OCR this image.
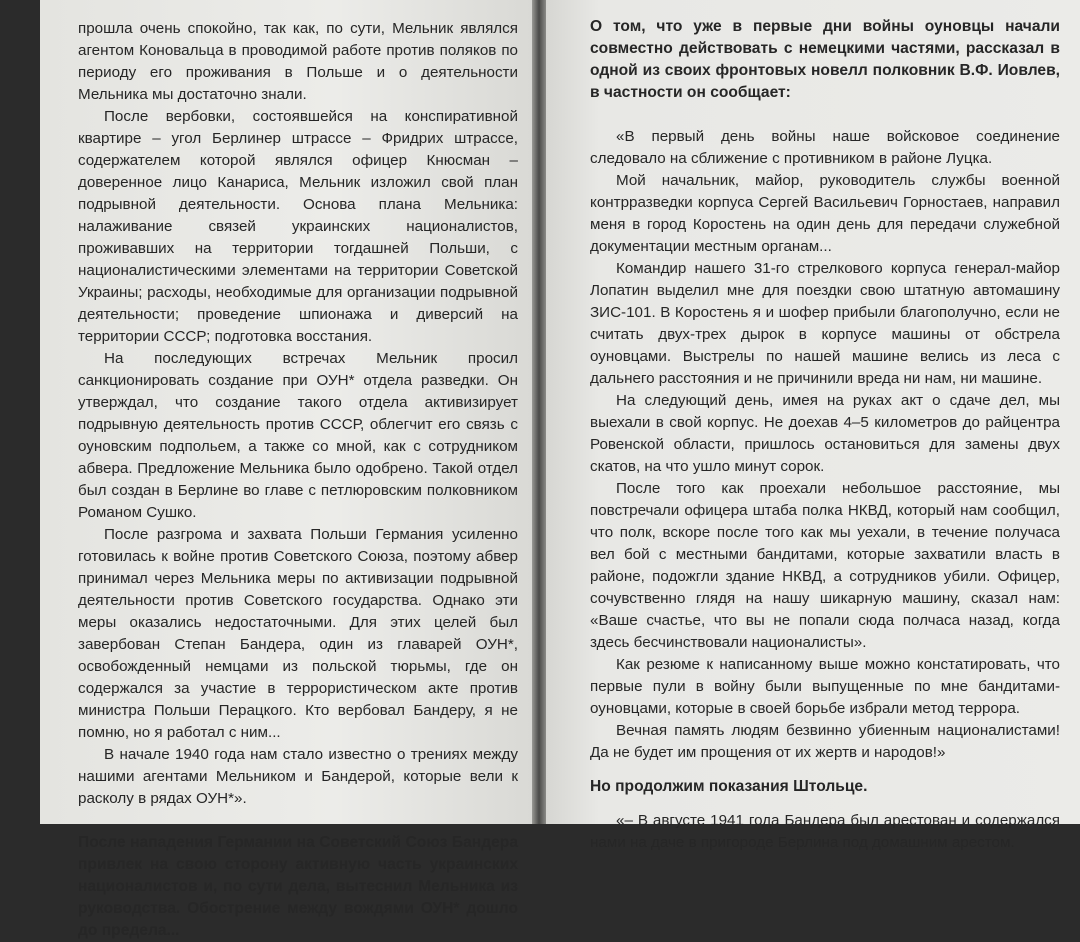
прошла очень спокойно, так как, по сути, Мельник являлся агентом Коновальца в проводимой работе против поляков по периоду его проживания в Польше и о деятельности Мельника мы достаточно знали.

После вербовки, состоявшейся на конспиративной квартире – угол Берлинер штрассе – Фридрих штрассе, содержателем которой являлся офицер Кнюсман – доверенное лицо Канариса, Мельник изложил свой план подрывной деятельности. Основа плана Мельника: налаживание связей украинских националистов, проживавших на территории тогдашней Польши, с националистическими элементами на территории Советской Украины; расходы, необходимые для организации подрывной деятельности; проведение шпионажа и диверсий на территории СССР; подготовка восстания.

На последующих встречах Мельник просил санкционировать создание при ОУН* отдела разведки. Он утверждал, что создание такого отдела активизирует подрывную деятельность против СССР, облегчит его связь с оуновским подпольем, а также со мной, как с сотрудником абвера. Предложение Мельника было одобрено. Такой отдел был создан в Берлине во главе с петлюровским полковником Романом Сушко.

После разгрома и захвата Польши Германия усиленно готовилась к войне против Советского Союза, поэтому абвер принимал через Мельника меры по активизации подрывной деятельности против Советского государства. Однако эти меры оказались недостаточными. Для этих целей был завербован Степан Бандера, один из главарей ОУН*, освобожденный немцами из польской тюрьмы, где он содержался за участие в террористическом акте против министра Польши Перацкого. Кто вербовал Бандеру, я не помню, но я работал с ним...

В начале 1940 года нам стало известно о трениях между нашими агентами Мельником и Бандерой, которые вели к расколу в рядах ОУН*».

После нападения Германии на Советский Союз Бандера привлек на свою сторону активную часть украинских националистов и, по сути дела, вытеснил Мельника из руководства. Обострение между вождями ОУН* дошло до предела...

О том, что уже в первые дни войны оуновцы начали совместно действовать с немецкими частями, рассказал в одной из своих фронтовых новелл полковник В.Ф. Иовлев, в частности он сообщает:

«В первый день войны наше войсковое соединение следовало на сближение с противником в районе Луцка.

Мой начальник, майор, руководитель службы военной контрразведки корпуса Сергей Васильевич Горностаев, направил меня в город Коростень на один день для передачи служебной документации местным органам...

Командир нашего 31-го стрелкового корпуса генерал-майор Лопатин выделил мне для поездки свою штатную автомашину ЗИС-101. В Коростень я и шофер прибыли благополучно, если не считать двух-трех дырок в корпусе машины от обстрела оуновцами. Выстрелы по нашей машине велись из леса с дальнего расстояния и не причинили вреда ни нам, ни машине.

На следующий день, имея на руках акт о сдаче дел, мы выехали в свой корпус. Не доехав 4–5 километров до райцентра Ровенской области, пришлось остановиться для замены двух скатов, на что ушло минут сорок.

После того как проехали небольшое расстояние, мы повстречали офицера штаба полка НКВД, который нам сообщил, что полк, вскоре после того как мы уехали, в течение получаса вел бой с местными бандитами, которые захватили власть в районе, подожгли здание НКВД, а сотрудников убили. Офицер, сочувственно глядя на нашу шикарную машину, сказал нам: «Ваше счастье, что вы не попали сюда полчаса назад, когда здесь бесчинствовали националисты».

Как резюме к написанному выше можно констатировать, что первые пули в войну были выпущенные по мне бандитами-оуновцами, которые в своей борьбе избрали метод террора.

Вечная память людям безвинно убиенным националистами! Да не будет им прощения от их жертв и народов!»

Но продолжим показания Штольце.

«– В августе 1941 года Бандера был арестован и содержался нами на даче в пригороде Берлина под домашним арестом.
